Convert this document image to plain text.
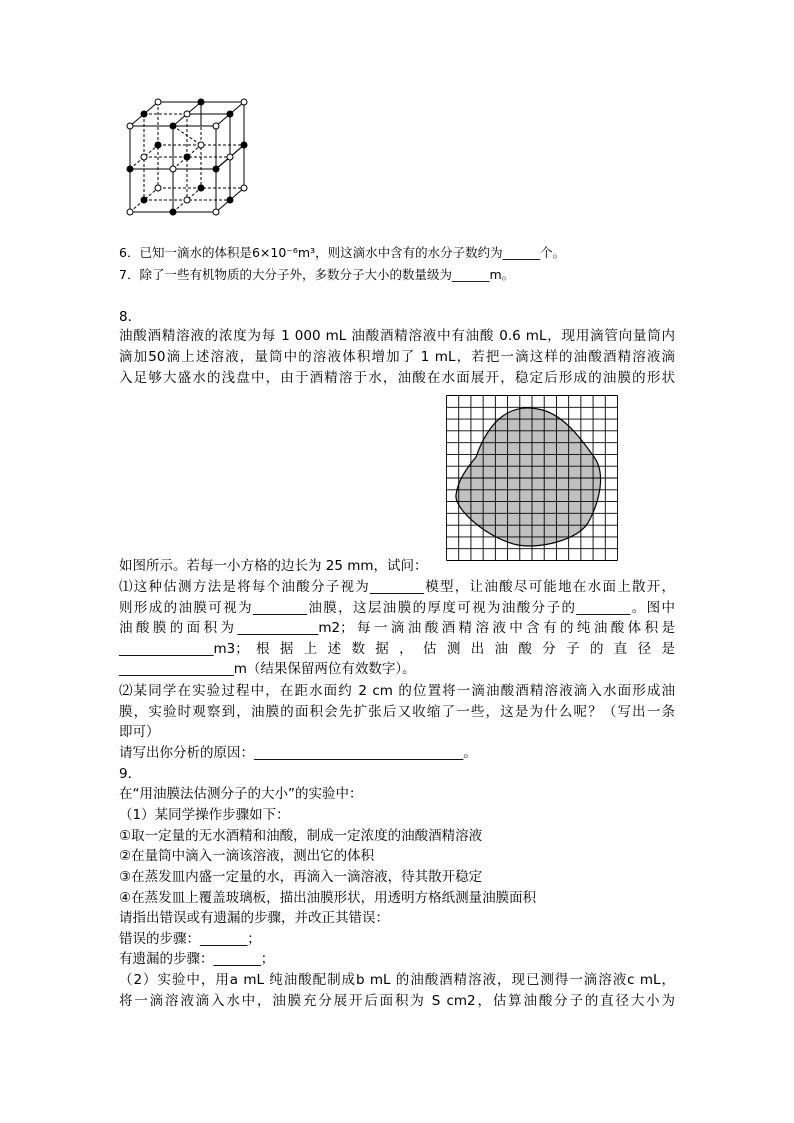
6．已知一滴水的体积是6×10⁻⁶m³，则这滴水中含有的水分子数约为______个。
7．除了一些有机物质的大分子外，多数分子大小的数量级为______m。
8．
油酸酒精溶液的浓度为每 1 000 mL 油酸酒精溶液中有油酸 0.6 mL，现用滴管向量筒内
滴加50滴上述溶液，量筒中的溶液体积增加了 1 mL，若把一滴这样的油酸酒精溶液滴
入足够大盛水的浅盘中，由于酒精溶于水，油酸在水面展开，稳定后形成的油膜的形状
如图所示。若每一小方格的边长为 25 mm，试问：
⑴这种估测方法是将每个油酸分子视为________模型，让油酸尽可能地在水面上散开，
则形成的油膜可视为________油膜，这层油膜的厚度可视为油酸分子的________。图中
油酸膜的面积为____________m2；每一滴油酸酒精溶液中含有的纯油酸体积是
______________m3； 根 据 上 述 数 据 ， 估 测 出 油 酸 分 子 的 直 径 是
_________________m（结果保留两位有效数字）。
⑵某同学在实验过程中，在距水面约 2 cm 的位置将一滴油酸酒精溶液滴入水面形成油
膜，实验时观察到，油膜的面积会先扩张后又收缩了一些，这是为什么呢？（写出一条
即可）
请写出你分析的原因：_______________________________。
9．
在“用油膜法估测分子的大小”的实验中：
（1）某同学操作步骤如下：
①取一定量的无水酒精和油酸，制成一定浓度的油酸酒精溶液
②在量筒中滴入一滴该溶液，测出它的体积
③在蒸发皿内盛一定量的水，再滴入一滴溶液，待其散开稳定
④在蒸发皿上覆盖玻璃板，描出油膜形状，用透明方格纸测量油膜面积
请指出错误或有遗漏的步骤，并改正其错误：
错误的步骤：_______；
有遗漏的步骤：_______；
（2）实验中，用a mL 纯油酸配制成b mL 的油酸酒精溶液，现已测得一滴溶液c mL，
将一滴溶液滴入水中，油膜充分展开后面积为 S cm2，估算油酸分子的直径大小为
